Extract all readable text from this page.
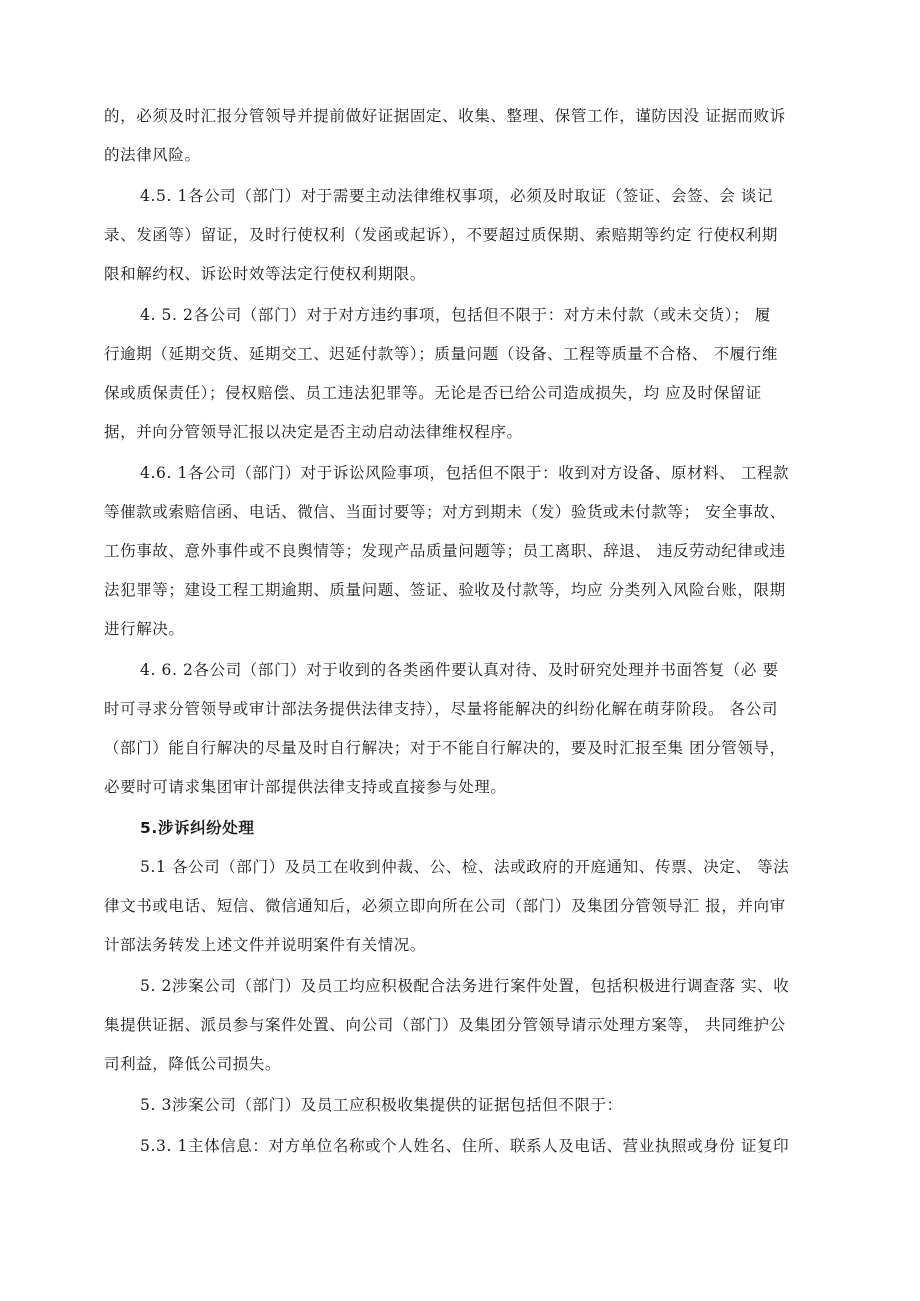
的，必须及时汇报分管领导并提前做好证据固定、收集、整理、保管工作，谨防因没 证据而败诉
的法律风险。
4.5. 1各公司（部门）对于需要主动法律维权事项，必须及时取证（签证、会签、会 谈记
录、发函等）留证，及时行使权利（发函或起诉），不要超过质保期、索赔期等约定 行使权利期
限和解约权、诉讼时效等法定行使权利期限。
4. 5. 2各公司（部门）对于对方违约事项，包括但不限于：对方未付款（或未交货）； 履
行逾期（延期交货、延期交工、迟延付款等）；质量问题（设备、工程等质量不合格、 不履行维
保或质保责任）；侵权赔偿、员工违法犯罪等。无论是否已给公司造成损失，均 应及时保留证
据，并向分管领导汇报以决定是否主动启动法律维权程序。
4.6. 1各公司（部门）对于诉讼风险事项，包括但不限于：收到对方设备、原材料、 工程款
等催款或索赔信函、电话、微信、当面讨要等；对方到期未（发）验货或未付款等； 安全事故、
工伤事故、意外事件或不良舆情等；发现产品质量问题等；员工离职、辞退、 违反劳动纪律或违
法犯罪等；建设工程工期逾期、质量问题、签证、验收及付款等，均应 分类列入风险台账，限期
进行解决。
4. 6. 2各公司（部门）对于收到的各类函件要认真对待、及时研究处理并书面答复（必 要
时可寻求分管领导或审计部法务提供法律支持），尽量将能解决的纠纷化解在萌芽阶段。 各公司
（部门）能自行解决的尽量及时自行解决；对于不能自行解决的，要及时汇报至集 团分管领导，
必要时可请求集团审计部提供法律支持或直接参与处理。
5.涉诉纠纷处理
5.1 各公司（部门）及员工在收到仲裁、公、检、法或政府的开庭通知、传票、决定、 等法
律文书或电话、短信、微信通知后，必须立即向所在公司（部门）及集团分管领导汇 报，并向审
计部法务转发上述文件并说明案件有关情况。
5. 2涉案公司（部门）及员工均应积极配合法务进行案件处置，包括积极进行调查落 实、收
集提供证据、派员参与案件处置、向公司（部门）及集团分管领导请示处理方案等， 共同维护公
司利益，降低公司损失。
5. 3涉案公司（部门）及员工应积极收集提供的证据包括但不限于：
5.3. 1主体信息：对方单位名称或个人姓名、住所、联系人及电话、营业执照或身份 证复印
